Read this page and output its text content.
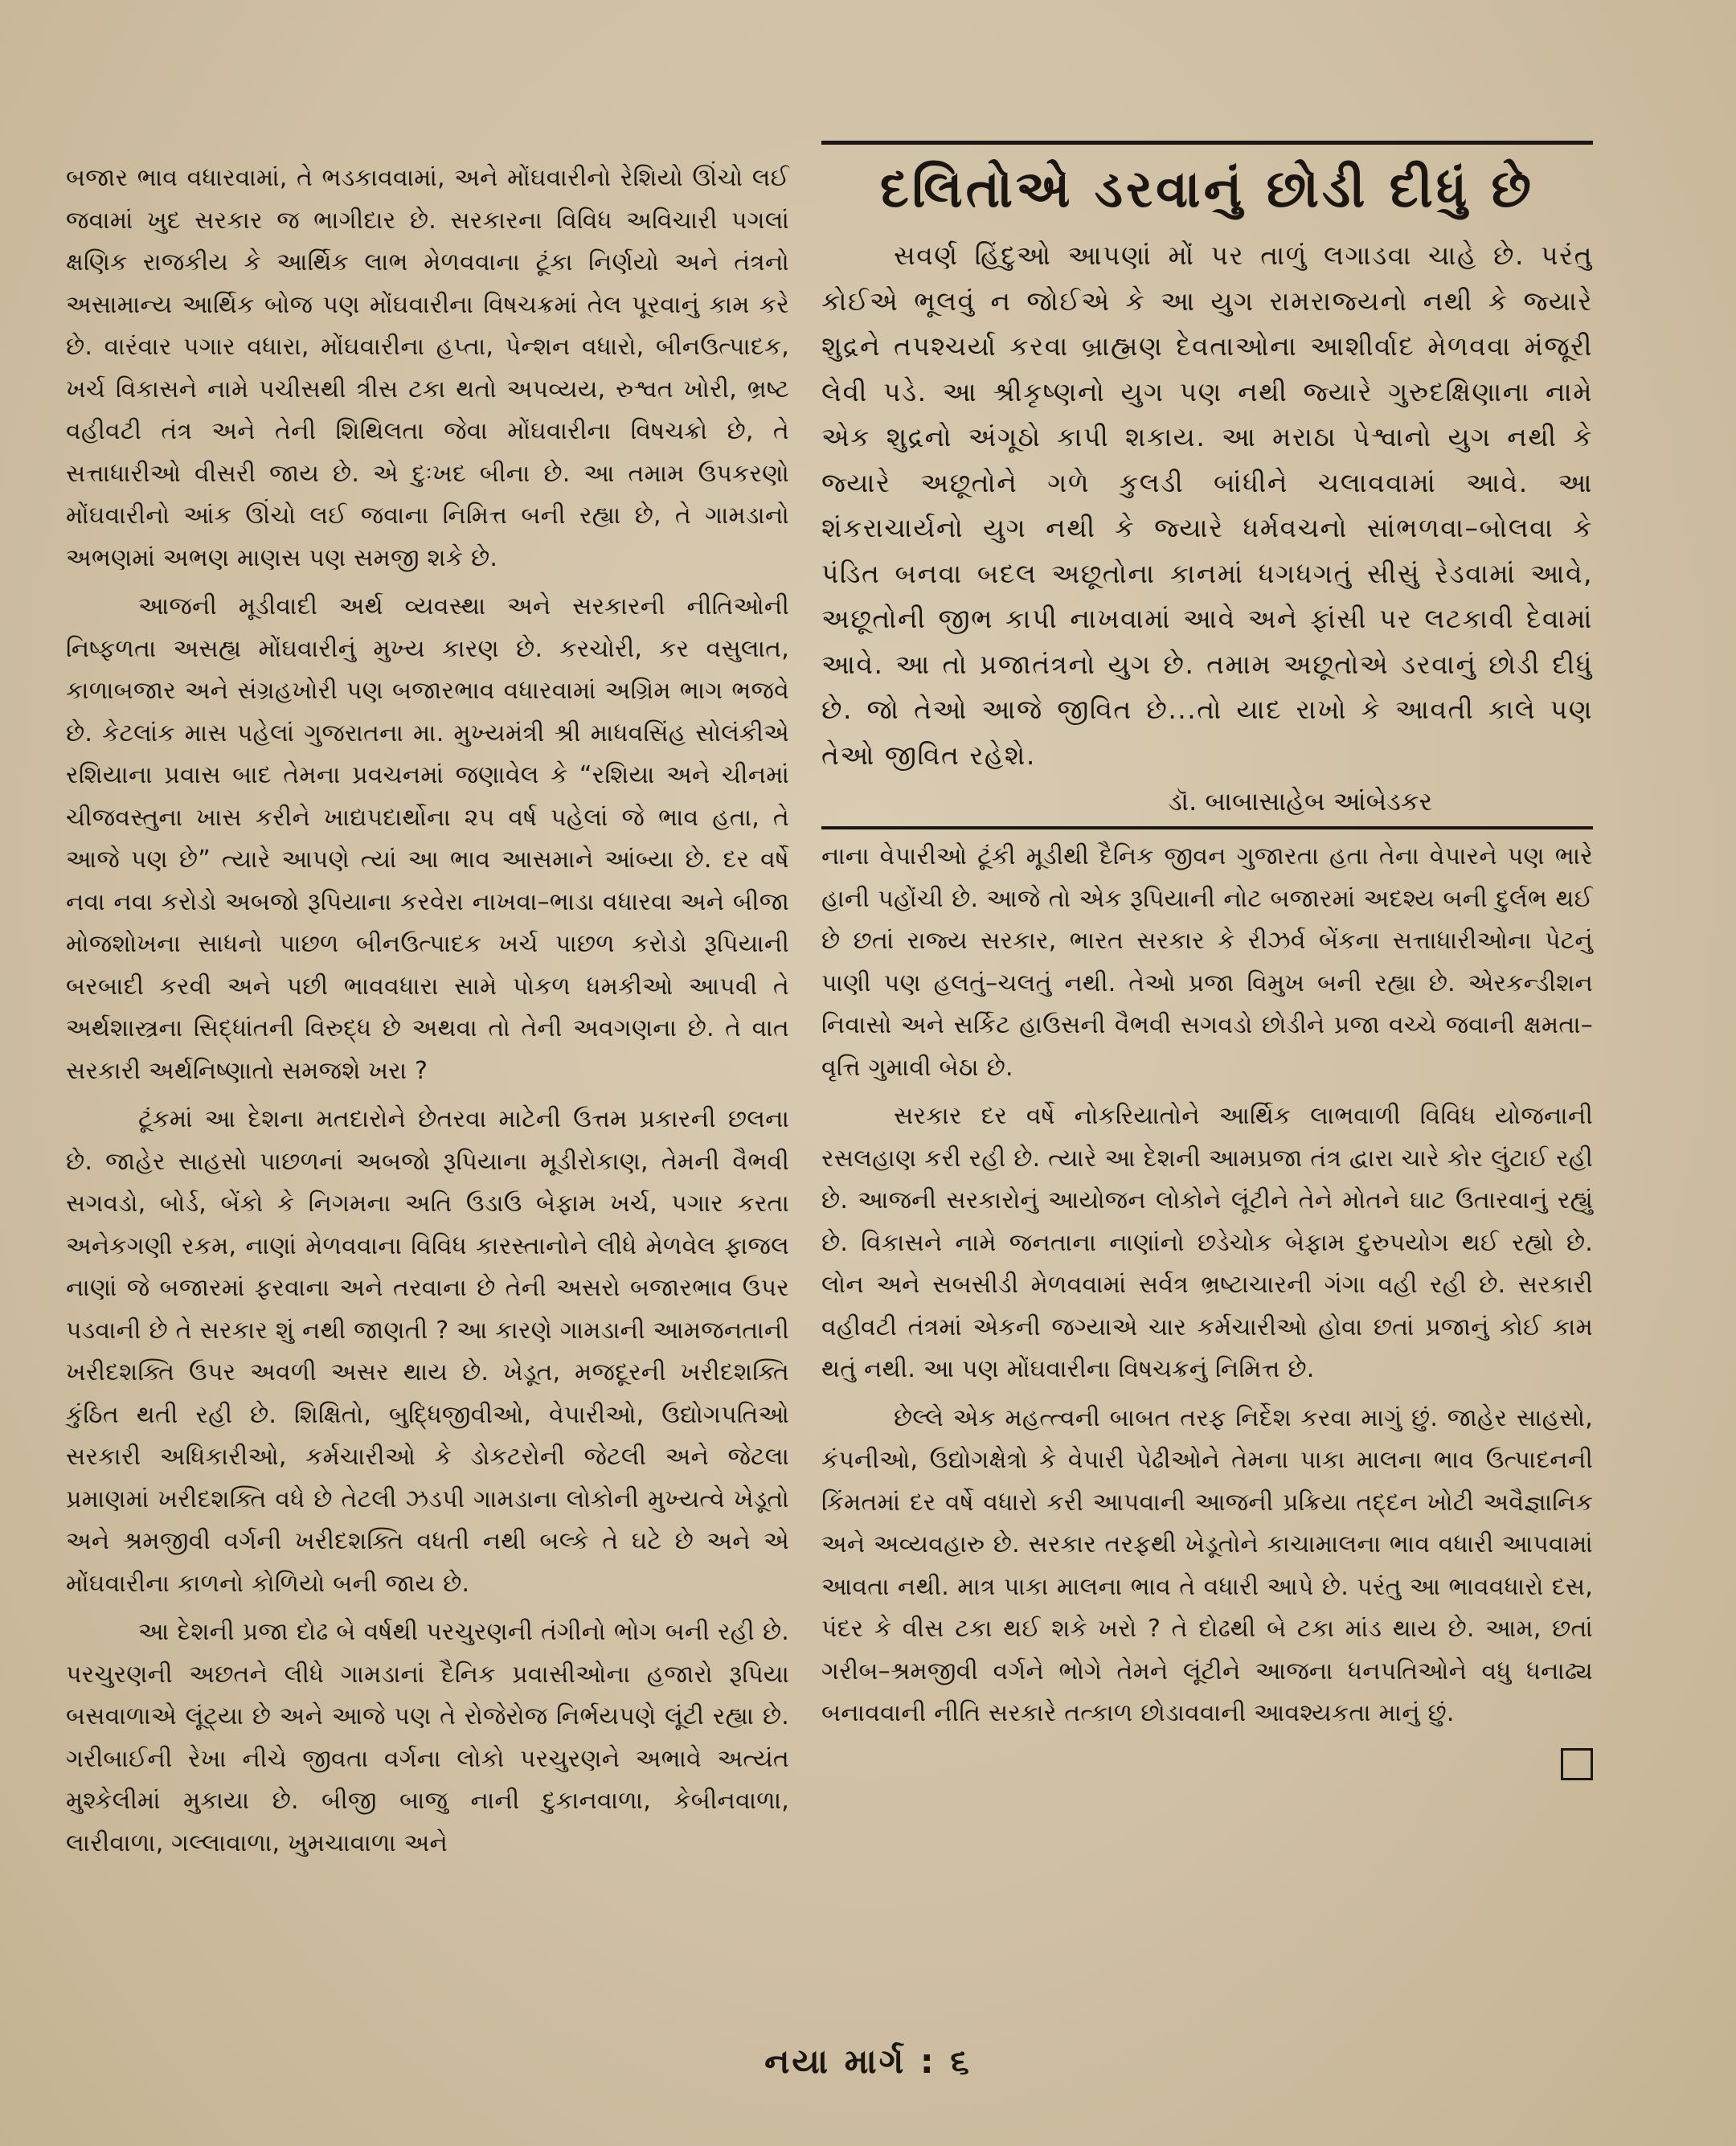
બજાર ભાવ વધારવામાં, તે ભડકાવવામાં, અને મોંઘવારીનો રેશિયો ઊંચો લઈ જવામાં ખુદ સરકાર જ ભાગીદાર છે. સરકારના વિવિધ અવિચારી પગલાં ક્ષણિક રાજકીય કે આર્થિક લાભ મેળવવાના ટૂંકા નિર્ણયો અને તંત્રનો અસામાન્ય આર્થિક બોજ પણ મોંઘવારીના વિષચક્રમાં તેલ પૂરવાનું કામ કરે છે. વારંવાર પગાર વધારા, મોંઘવારીના હપ્તા, પેન્શન વધારો, બીનઉત્પાદક, ખર્ચ વિકાસને નામે પચીસથી ત્રીસ ટકા થતો અપવ્યય, રુશ્વત ખોરી, ભ્રષ્ટ વહીવટી તંત્ર અને તેની શિથિલતા જેવા મોંઘવારીના વિષચક્રો છે, તે સત્તાધારીઓ વીસરી જાય છે. એ દુઃખદ બીના છે. આ તમામ ઉપકરણો મોંઘવારીનો આંક ઊંચો લઈ જવાના નિમિત્ત બની રહ્યા છે, તે ગામડાનો અભણમાં અભણ માણસ પણ સમજી શકે છે.

આજની મૂડીવાદી અર્થ વ્યવસ્થા અને સરકારની નીતિઓની નિષ્ફળતા અસહ્ય મોંઘવારીનું મુખ્ય કારણ છે. કરચોરી, કર વસુલાત, કાળાબજાર અને સંગ્રહખોરી પણ બજારભાવ વધારવામાં અગ્રિમ ભાગ ભજવે છે. કેટલાંક માસ પહેલાં ગુજરાતના મા. મુખ્યમંત્રી શ્રી માધવસિંહ સોલંકીએ રશિયાના પ્રવાસ બાદ તેમના પ્રવચનમાં જણાવેલ કે “રશિયા અને ચીનમાં ચીજવસ્તુના ખાસ કરીને ખાદ્યપદાર્થોના ૨૫ વર્ષ પહેલાં જે ભાવ હતા, તે આજે પણ છે” ત્યારે આપણે ત્યાં આ ભાવ આસમાને આંબ્યા છે. દર વર્ષે નવા નવા કરોડો અબજો રૂપિયાના કરવેરા નાખવા–ભાડા વધારવા અને બીજા મોજશોખના સાધનો પાછળ બીનઉત્પાદક ખર્ચ પાછળ કરોડો રૂપિયાની બરબાદી કરવી અને પછી ભાવવધારા સામે પોકળ ધમકીઓ આપવી તે અર્થશાસ્ત્રના સિદ્ધાંતની વિરુદ્ધ છે અથવા તો તેની અવગણના છે. તે વાત સરકારી અર્થનિષ્ણાતો સમજશે ખરા ?

ટૂંકમાં આ દેશના મતદારોને છેતરવા માટેની ઉત્તમ પ્રકારની છલના છે. જાહેર સાહસો પાછળનાં અબજો રૂપિયાના મૂડીરોકાણ, તેમની વૈભવી સગવડો, બોર્ડ, બેંકો કે નિગમના અતિ ઉડાઉ બેફામ ખર્ચ, પગાર કરતા અનેકગણી રકમ, નાણાં મેળવવાના વિવિધ કારસ્તાનોને લીધે મેળવેલ ફાજલ નાણાં જે બજારમાં ફરવાના અને તરવાના છે તેની અસરો બજારભાવ ઉપર પડવાની છે તે સરકાર શું નથી જાણતી ? આ કારણે ગામડાની આમજનતાની ખરીદશક્તિ ઉપર અવળી અસર થાય છે. ખેડૂત, મજદૂરની ખરીદશક્તિ કુંઠિત થતી રહી છે. શિક્ષિતો, બુદ્ધિજીવીઓ, વેપારીઓ, ઉદ્યોગપતિઓ સરકારી અધિકારીઓ, કર્મચારીઓ કે ડોકટરોની જેટલી અને જેટલા પ્રમાણમાં ખરીદશક્તિ વધે છે તેટલી ઝડપી ગામડાના લોકોની મુખ્યત્વે ખેડૂતો અને શ્રમજીવી વર્ગની ખરીદશક્તિ વધતી નથી બલ્કે તે ઘટે છે અને એ મોંઘવારીના કાળનો કોળિયો બની જાય છે.

આ દેશની પ્રજા દોઢ બે વર્ષથી પરચુરણની તંગીનો ભોગ બની રહી છે. પરચુરણની અછતને લીધે ગામડાનાં દૈનિક પ્રવાસીઓના હજારો રૂપિયા બસવાળાએ લૂંટ્યા છે અને આજે પણ તે રોજેરોજ નિર્ભયપણે લૂંટી રહ્યા છે. ગરીબાઈની રેખા નીચે જીવતા વર્ગના લોકો પરચુરણને અભાવે અત્યંત મુશ્કેલીમાં મુકાયા છે. બીજી બાજુ નાની દુકાનવાળા, કેબીનવાળા, લારીવાળા, ગલ્લાવાળા, ખુમચાવાળા અને

દલિતોએ ડરવાનું છોડી દીધું છે

સવર્ણ હિંદુઓ આપણાં મોં પર તાળું લગાડવા ચાહે છે. પરંતુ કોઈએ ભૂલવું ન જોઈએ કે આ યુગ રામરાજ્યનો નથી કે જ્યારે શુદ્રને તપશ્ચર્યા કરવા બ્રાહ્મણ દેવતાઓના આશીર્વાદ મેળવવા મંજૂરી લેવી પડે. આ શ્રીકૃષ્ણનો યુગ પણ નથી જ્યારે ગુરુદક્ષિણાના નામે એક શુદ્રનો અંગૂઠો કાપી શકાય. આ મરાઠા પેશ્વાનો યુગ નથી કે જ્યારે અછૂતોને ગળે કુલડી બાંધીને ચલાવવામાં આવે. આ શંકરાચાર્યનો યુગ નથી કે જ્યારે ધર્મવચનો સાંભળવા–બોલવા કે પંડિત બનવા બદલ અછૂતોના કાનમાં ધગધગતું સીસું રેડવામાં આવે, અછૂતોની જીભ કાપી નાખવામાં આવે અને ફાંસી પર લટકાવી દેવામાં આવે. આ તો પ્રજાતંત્રનો યુગ છે. તમામ અછૂતોએ ડરવાનું છોડી દીધું છે. જો તેઓ આજે જીવિત છે...તો યાદ રાખો કે આવતી કાલે પણ તેઓ જીવિત રહેશે.

ડૉ. બાબાસાહેબ આંબેડકર

નાના વેપારીઓ ટૂંકી મૂડીથી દૈનિક જીવન ગુજારતા હતા તેના વેપારને પણ ભારે હાની પહોંચી છે. આજે તો એક રૂપિયાની નોટ બજારમાં અદશ્ય બની દુર્લભ થઈ છે છતાં રાજ્ય સરકાર, ભારત સરકાર કે રીઝર્વ બેંકના સત્તાધારીઓના પેટનું પાણી પણ હલતું–ચલતું નથી. તેઓ પ્રજા વિમુખ બની રહ્યા છે. એરકન્ડીશન નિવાસો અને સર્કિટ હાઉસની વૈભવી સગવડો છોડીને પ્રજા વચ્ચે જવાની ક્ષમતા–વૃત્તિ ગુમાવી બેઠા છે.

સરકાર દર વર્ષે નોકરિયાતોને આર્થિક લાભવાળી વિવિધ યોજનાની રસલહાણ કરી રહી છે. ત્યારે આ દેશની આમપ્રજા તંત્ર દ્વારા ચારે કોર લુંટાઈ રહી છે. આજની સરકારોનું આયોજન લોકોને લૂંટીને તેને મોતને ઘાટ ઉતારવાનું રહ્યું છે. વિકાસને નામે જનતાના નાણાંનો છડેચોક બેફામ દુરુપયોગ થઈ રહ્યો છે. લોન અને સબસીડી મેળવવામાં સર્વત્ર ભ્રષ્ટાચારની ગંગા વહી રહી છે. સરકારી વહીવટી તંત્રમાં એકની જગ્યાએ ચાર કર્મચારીઓ હોવા છતાં પ્રજાનું કોઈ કામ થતું નથી. આ પણ મોંઘવારીના વિષચક્રનું નિમિત્ત છે.

છેલ્લે એક મહત્ત્વની બાબત તરફ નિર્દેશ કરવા માગું છું. જાહેર સાહસો, કંપનીઓ, ઉદ્યોગક્ષેત્રો કે વેપારી પેઢીઓને તેમના પાકા માલના ભાવ ઉત્પાદનની કિંમતમાં દર વર્ષે વધારો કરી આપવાની આજની પ્રક્રિયા તદ્દન ખોટી અવૈજ્ઞાનિક અને અવ્યવહારુ છે. સરકાર તરફથી ખેડૂતોને કાચામાલના ભાવ વધારી આપવામાં આવતા નથી. માત્ર પાકા માલના ભાવ તે વધારી આપે છે. પરંતુ આ ભાવવધારો દસ, પંદર કે વીસ ટકા થઈ શકે ખરો ? તે દોઢથી બે ટકા માંડ થાય છે. આમ, છતાં ગરીબ–શ્રમજીવી વર્ગને ભોગે તેમને લૂંટીને આજના ધનપતિઓને વધુ ધનાઢ્ય બનાવવાની નીતિ સરકારે તત્કાળ છોડાવવાની આવશ્યકતા માનું છું.

નયા માર્ગ : ૬
